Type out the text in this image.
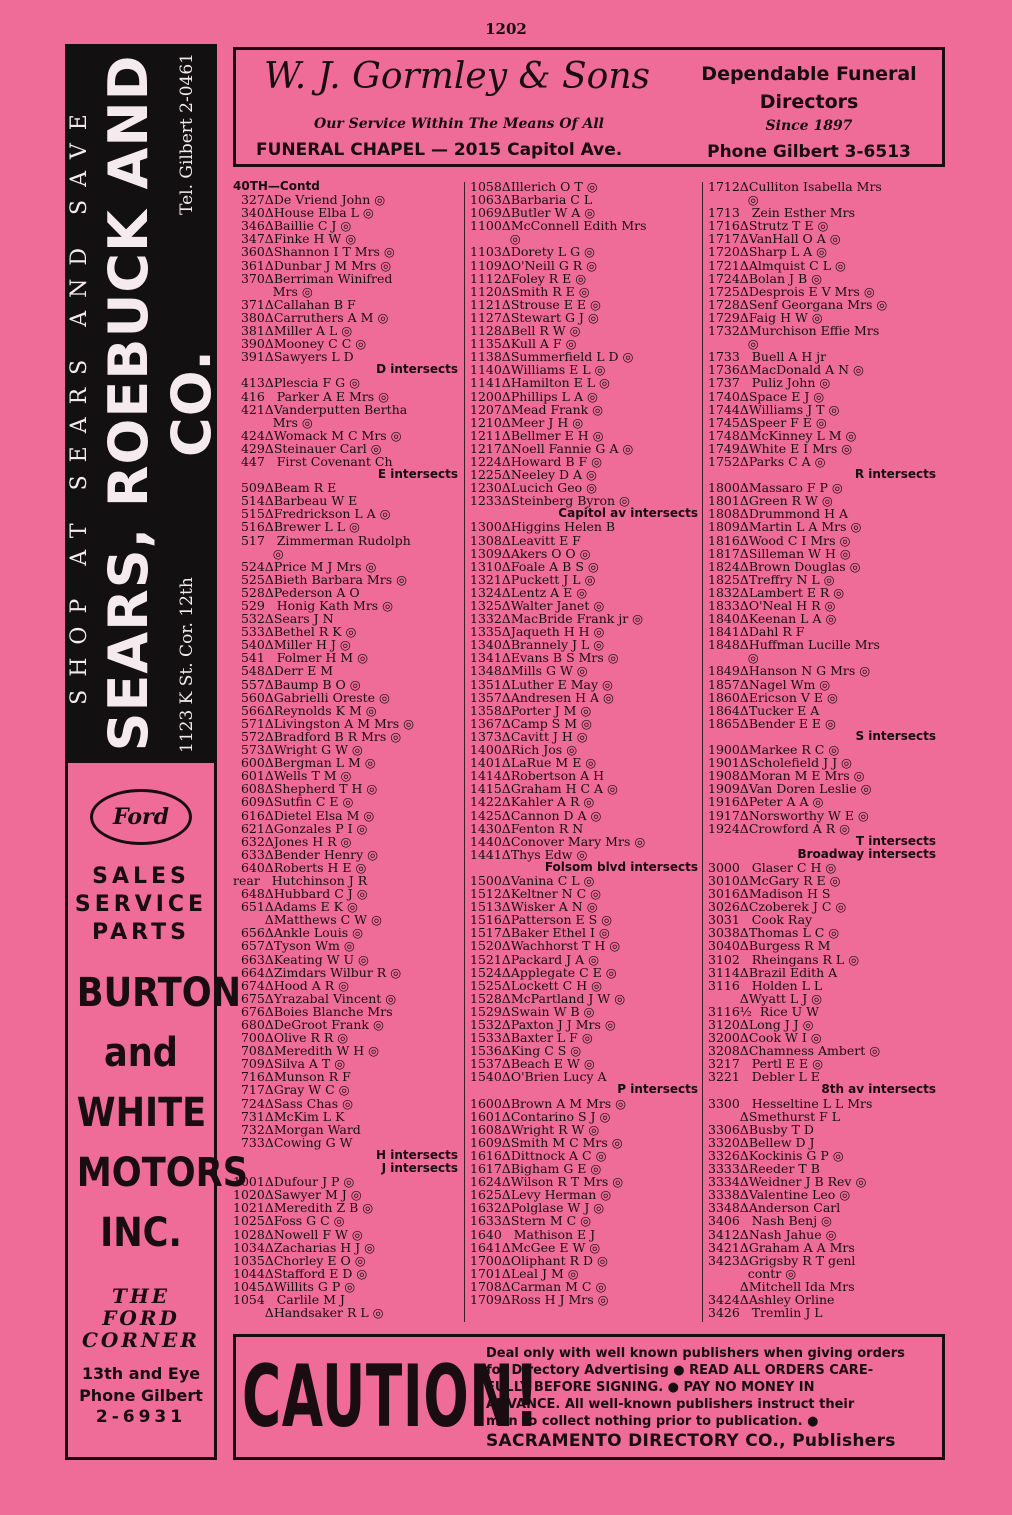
1202
SHOP AT SEARS AND SAVE SEARS, ROEBUCK AND CO.
1123 K St. Cor. 12th
Tel. Gilbert 2-0461
Ford
SALES
SERVICE
PARTS
BURTON
and
WHITE
MOTORS
INC.
THE
FORD
CORNER
13th and Eye
Phone Gilbert
2-6931
W. J. Gormley & Sons
Our Service Within The Means Of All
FUNERAL CHAPEL — 2015 Capitol Ave.
Dependable Funeral
Directors
Since 1897
Phone Gilbert 3-6513
40TH—Contd
327ΔDe Vriend John ◎
340ΔHouse Elba L ◎
346ΔBaillie C J ◎
347ΔFinke H W ◎
360ΔShannon I T Mrs ◎
361ΔDunbar J M Mrs ◎
370ΔBerriman Winifred
Mrs ◎
371ΔCallahan B F
380ΔCarruthers A M ◎
381ΔMiller A L ◎
390ΔMooney C C ◎
391ΔSawyers L D
D intersects
413ΔPlescia F G ◎
416   Parker A E Mrs ◎
421ΔVanderputten Bertha
Mrs ◎
424ΔWomack M C Mrs ◎
429ΔSteinauer Carl ◎
447   First Covenant Ch
E intersects
509ΔBeam R E
514ΔBarbeau W E
515ΔFredrickson L A ◎
516ΔBrewer L L ◎
517   Zimmerman Rudolph
◎
524ΔPrice M J Mrs ◎
525ΔBieth Barbara Mrs ◎
528ΔPederson A O
529   Honig Kath Mrs ◎
532ΔSears J N
533ΔBethel R K ◎
540ΔMiller H J ◎
541   Folmer H M ◎
548ΔDerr E M
557ΔBaump B O ◎
560ΔGabrielli Oreste ◎
566ΔReynolds K M ◎
571ΔLivingston A M Mrs ◎
572ΔBradford B R Mrs ◎
573ΔWright G W ◎
600ΔBergman L M ◎
601ΔWells T M ◎
608ΔShepherd T H ◎
609ΔSutfin C E ◎
616ΔDietel Elsa M ◎
621ΔGonzales P I ◎
632ΔJones H R ◎
633ΔBender Henry ◎
640ΔRoberts H E ◎
rear   Hutchinson J R
648ΔHubbard C J ◎
651ΔAdams E K ◎
ΔMatthews C W ◎
656ΔAnkle Louis ◎
657ΔTyson Wm ◎
663ΔKeating W U ◎
664ΔZimdars Wilbur R ◎
674ΔHood A R ◎
675ΔYrazabal Vincent ◎
676ΔBoies Blanche Mrs
680ΔDeGroot Frank ◎
700ΔOlive R R ◎
708ΔMeredith W H ◎
709ΔSilva A T ◎
716ΔMunson R F
717ΔGray W C ◎
724ΔSass Chas ◎
731ΔMcKim L K
732ΔMorgan Ward
733ΔCowing G W
H intersects
J intersects
1001ΔDufour J P ◎
1020ΔSawyer M J ◎
1021ΔMeredith Z B ◎
1025ΔFoss G C ◎
1028ΔNowell F W ◎
1034ΔZacharias H J ◎
1035ΔChorley E O ◎
1044ΔStafford E D ◎
1045ΔWillits G P ◎
1054   Carlile M J
ΔHandsaker R L ◎
1058ΔIllerich O T ◎
1063ΔBarbaria C L
1069ΔButler W A ◎
1100ΔMcConnell Edith Mrs
◎
1103ΔDorety L G ◎
1109ΔO'Neill G R ◎
1112ΔFoley R E ◎
1120ΔSmith R E ◎
1121ΔStrouse E E ◎
1127ΔStewart G J ◎
1128ΔBell R W ◎
1135ΔKull A F ◎
1138ΔSummerfield L D ◎
1140ΔWilliams E L ◎
1141ΔHamilton E L ◎
1200ΔPhillips L A ◎
1207ΔMead Frank ◎
1210ΔMeer J H ◎
1211ΔBellmer E H ◎
1217ΔNoell Fannie G A ◎
1224ΔHoward B F ◎
1225ΔNeeley D A ◎
1230ΔLucich Geo ◎
1233ΔSteinberg Byron ◎
Capitol av intersects
1300ΔHiggins Helen B
1308ΔLeavitt E F
1309ΔAkers O O ◎
1310ΔFoale A B S ◎
1321ΔPuckett J L ◎
1324ΔLentz A E ◎
1325ΔWalter Janet ◎
1332ΔMacBride Frank jr ◎
1335ΔJaqueth H H ◎
1340ΔBrannely J L ◎
1341ΔEvans B S Mrs ◎
1348ΔMills G W ◎
1351ΔLuther E May ◎
1357ΔAndresen H A ◎
1358ΔPorter J M ◎
1367ΔCamp S M ◎
1373ΔCavitt J H ◎
1400ΔRich Jos ◎
1401ΔLaRue M E ◎
1414ΔRobertson A H
1415ΔGraham H C A ◎
1422ΔKahler A R ◎
1425ΔCannon D A ◎
1430ΔFenton R N
1440ΔConover Mary Mrs ◎
1441ΔThys Edw ◎
Folsom blvd intersects
1500ΔVanina C L ◎
1512ΔKeltner N C ◎
1513ΔWisker A N ◎
1516ΔPatterson E S ◎
1517ΔBaker Ethel I ◎
1520ΔWachhorst T H ◎
1521ΔPackard J A ◎
1524ΔApplegate C E ◎
1525ΔLockett C H ◎
1528ΔMcPartland J W ◎
1529ΔSwain W B ◎
1532ΔPaxton J J Mrs ◎
1533ΔBaxter L F ◎
1536ΔKing C S ◎
1537ΔBeach E W ◎
1540ΔO'Brien Lucy A
P intersects
1600ΔBrown A M Mrs ◎
1601ΔContarino S J ◎
1608ΔWright R W ◎
1609ΔSmith M C Mrs ◎
1616ΔDittnock A C ◎
1617ΔBigham G E ◎
1624ΔWilson R T Mrs ◎
1625ΔLevy Herman ◎
1632ΔPolglase W J ◎
1633ΔStern M C ◎
1640   Mathison E J
1641ΔMcGee E W ◎
1700ΔOliphant R D ◎
1701ΔLeal J M ◎
1708ΔCarman M C ◎
1709ΔRoss H J Mrs ◎
1712ΔCulliton Isabella Mrs
◎
1713   Zein Esther Mrs
1716ΔStrutz T E ◎
1717ΔVanHall O A ◎
1720ΔSharp L A ◎
1721ΔAlmquist C L ◎
1724ΔBolan J B ◎
1725ΔDesprois E V Mrs ◎
1728ΔSenf Georgana Mrs ◎
1729ΔFaig H W ◎
1732ΔMurchison Effie Mrs
◎
1733   Buell A H jr
1736ΔMacDonald A N ◎
1737   Puliz John ◎
1740ΔSpace E J ◎
1744ΔWilliams J T ◎
1745ΔSpeer F E ◎
1748ΔMcKinney L M ◎
1749ΔWhite E I Mrs ◎
1752ΔParks C A ◎
R intersects
1800ΔMassaro F P ◎
1801ΔGreen R W ◎
1808ΔDrummond H A
1809ΔMartin L A Mrs ◎
1816ΔWood C I Mrs ◎
1817ΔSilleman W H ◎
1824ΔBrown Douglas ◎
1825ΔTreffry N L ◎
1832ΔLambert E R ◎
1833ΔO'Neal H R ◎
1840ΔKeenan L A ◎
1841ΔDahl R F
1848ΔHuffman Lucille Mrs
◎
1849ΔHanson N G Mrs ◎
1857ΔNagel Wm ◎
1860ΔEricson V E ◎
1864ΔTucker E A
1865ΔBender E E ◎
S intersects
1900ΔMarkee R C ◎
1901ΔScholefield J J ◎
1908ΔMoran M E Mrs ◎
1909ΔVan Doren Leslie ◎
1916ΔPeter A A ◎
1917ΔNorsworthy W E ◎
1924ΔCrowford A R ◎
T intersects
Broadway intersects
3000   Glaser C H ◎
3010ΔMcGary R E ◎
3016ΔMadison H S
3026ΔCzoberek J C ◎
3031   Cook Ray
3038ΔThomas L C ◎
3040ΔBurgess R M
3102   Rheingans R L ◎
3114ΔBrazil Edith A
3116   Holden L L
ΔWyatt L J ◎
3116½  Rice U W
3120ΔLong J J ◎
3200ΔCook W I ◎
3208ΔChamness Ambert ◎
3217   Pertl E E ◎
3221   Debler L E
8th av intersects
3300   Hesseltine L L Mrs
ΔSmethurst F L
3306ΔBusby T D
3320ΔBellew D J
3326ΔKockinis G P ◎
3333ΔReeder T B
3334ΔWeidner J B Rev ◎
3338ΔValentine Leo ◎
3348ΔAnderson Carl
3406   Nash Benj ◎
3412ΔNash Jahue ◎
3421ΔGraham A A Mrs
3423ΔGrigsby R T genl
contr ◎
ΔMitchell Ida Mrs
3424ΔAshley Orline
3426   Tremlin J L
CAUTION!
Deal only with well known publishers when giving orders
for Directory Advertising ● READ ALL ORDERS CARE-
FULLY BEFORE SIGNING. ● PAY NO MONEY IN
ADVANCE. All well-known publishers instruct their
men to collect nothing prior to publication. ●
SACRAMENTO DIRECTORY CO., Publishers
